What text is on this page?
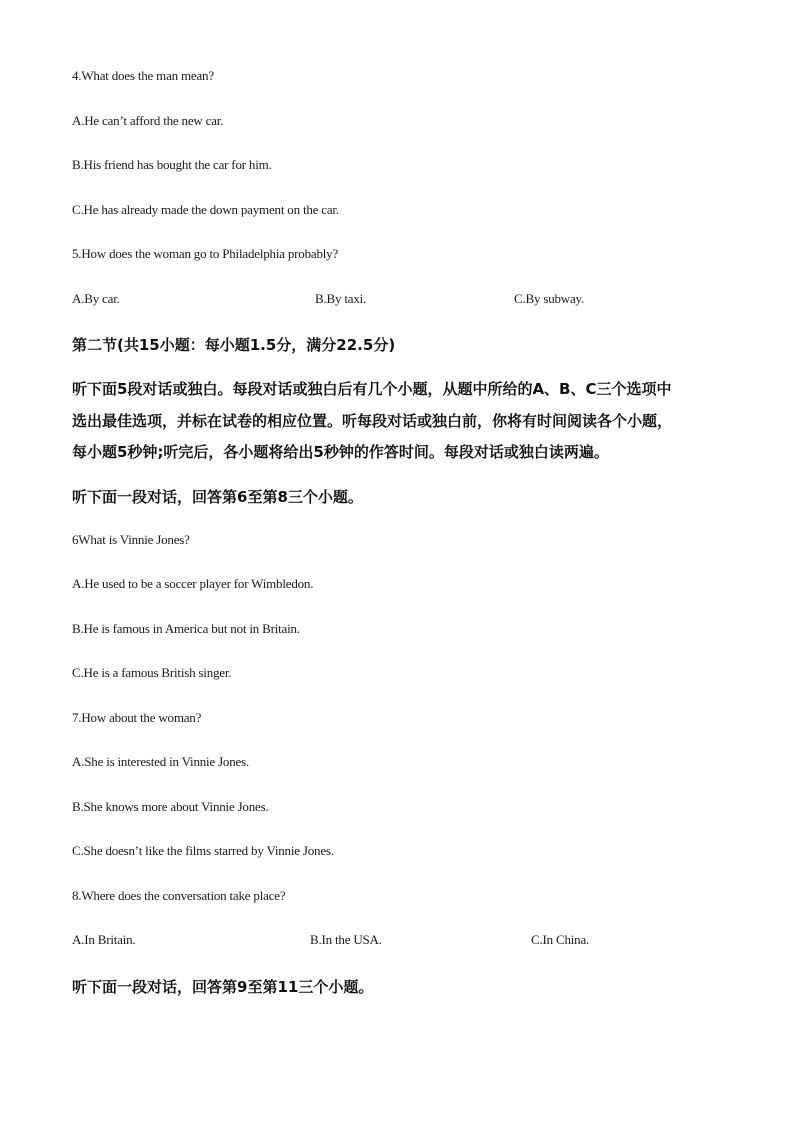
4.What does the man mean?
A.He can’t afford the new car.
B.His friend has bought the car for him.
C.He has already made the down payment on the car.
5.How does the woman go to Philadelphia probably?
A.By car.	B.By taxi.	C.By subway.
第二节(共15小题：每小题1.5分，满分22.5分)
听下面5段对话或独白。每段对话或独白后有几个小题，从题中所给的A、B、C三个选项中
选出最佳选项，并标在试卷的相应位置。听每段对话或独白前，你将有时间阅读各个小题，
每小题5秒钟;听完后，各小题将给出5秒钟的作答时间。每段对话或独白读两遍。
听下面一段对话，回答第6至第8三个小题。
6What is Vinnie Jones?
A.He used to be a soccer player for Wimbledon.
B.He is famous in America but not in Britain.
C.He is a famous British singer.
7.How about the woman?
A.She is interested in Vinnie Jones.
B.She knows more about Vinnie Jones.
C.She doesn’t like the films starred by Vinnie Jones.
8.Where does the conversation take place?
A.In Britain.	B.In the USA.	C.In China.
听下面一段对话，回答第9至第11三个小题。
